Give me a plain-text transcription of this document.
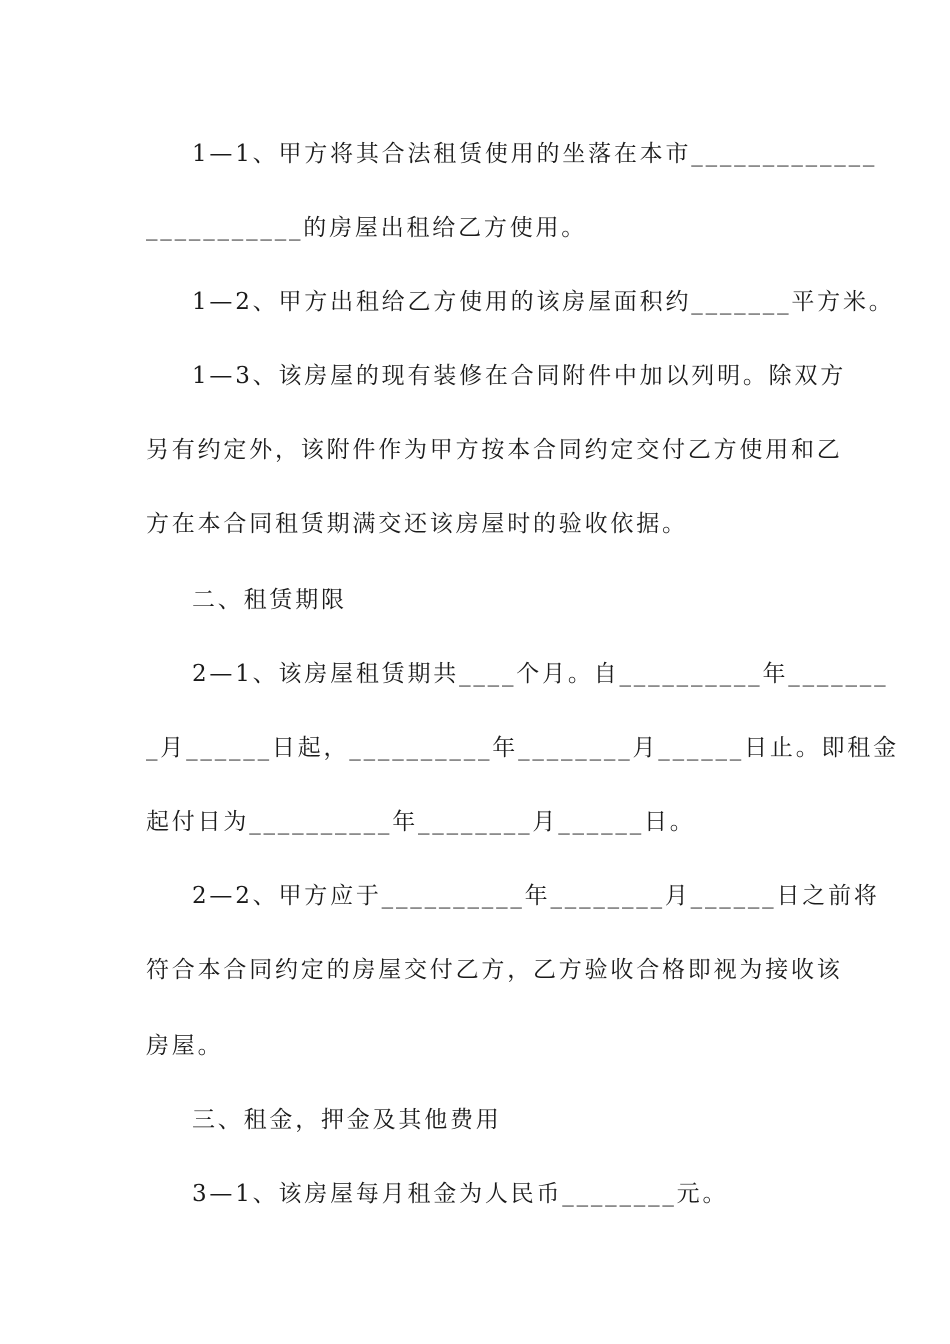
1—1、甲方将其合法租赁使用的坐落在本市_____________
___________的房屋出租给乙方使用。
1—2、甲方出租给乙方使用的该房屋面积约_______平方米。
1—3、该房屋的现有装修在合同附件中加以列明。除双方
另有约定外，该附件作为甲方按本合同约定交付乙方使用和乙
方在本合同租赁期满交还该房屋时的验收依据。
二、租赁期限
2—1、该房屋租赁期共____个月。自__________年_______
_月______日起，__________年________月______日止。即租金
起付日为__________年________月______日。
2—2、甲方应于__________年________月______日之前将
符合本合同约定的房屋交付乙方，乙方验收合格即视为接收该
房屋。
三、租金，押金及其他费用
3—1、该房屋每月租金为人民币________元。
